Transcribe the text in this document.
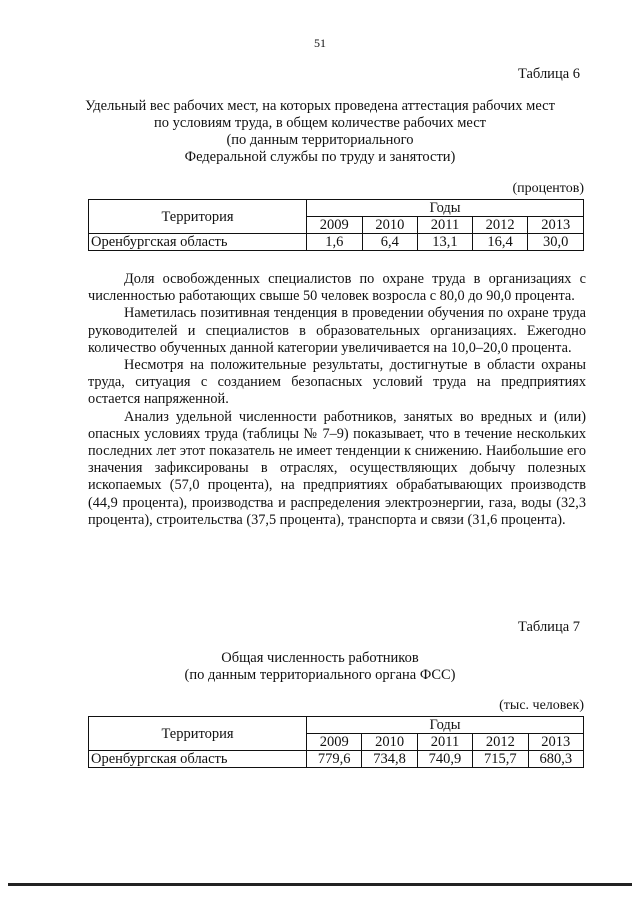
51
Таблица 6
Удельный вес рабочих мест, на которых проведена аттестация рабочих мест
по условиям труда, в общем количестве рабочих мест
(по данным территориального
Федеральной службы по труду и занятости)
(процентов)
Территория	Годы				
	2009	2010	2011	2012	2013
Оренбургская область	1,6	6,4	13,1	16,4	30,0

Доля освобожденных специалистов по охране труда в организациях с численностью работающих свыше 50 человек возросла с 80,0 до 90,0 процента.

Наметилась позитивная тенденция в проведении обучения по охране труда руководителей и специалистов в образовательных организациях. Ежегодно количество обученных данной категории увеличивается на 10,0–20,0 процента.

Несмотря на положительные результаты, достигнутые в области охраны труда, ситуация с созданием безопасных условий труда на предприятиях остается напряженной.

Анализ удельной численности работников, занятых во вредных и (или) опасных условиях труда (таблицы № 7–9) показывает, что в течение нескольких последних лет этот показатель не имеет тенденции к снижению. Наибольшие его значения зафиксированы в отраслях, осуществляющих добычу полезных ископаемых (57,0 процента), на предприятиях обрабатывающих производств (44,9 процента), производства и распределения электроэнергии, газа, воды (32,3 процента), строительства (37,5 процента), транспорта и связи (31,6 процента).

Таблица 7
Общая численность работников
(по данным территориального органа ФСС)
(тыс. человек)
Территория	Годы				
	2009	2010	2011	2012	2013
Оренбургская область	779,6	734,8	740,9	715,7	680,3
